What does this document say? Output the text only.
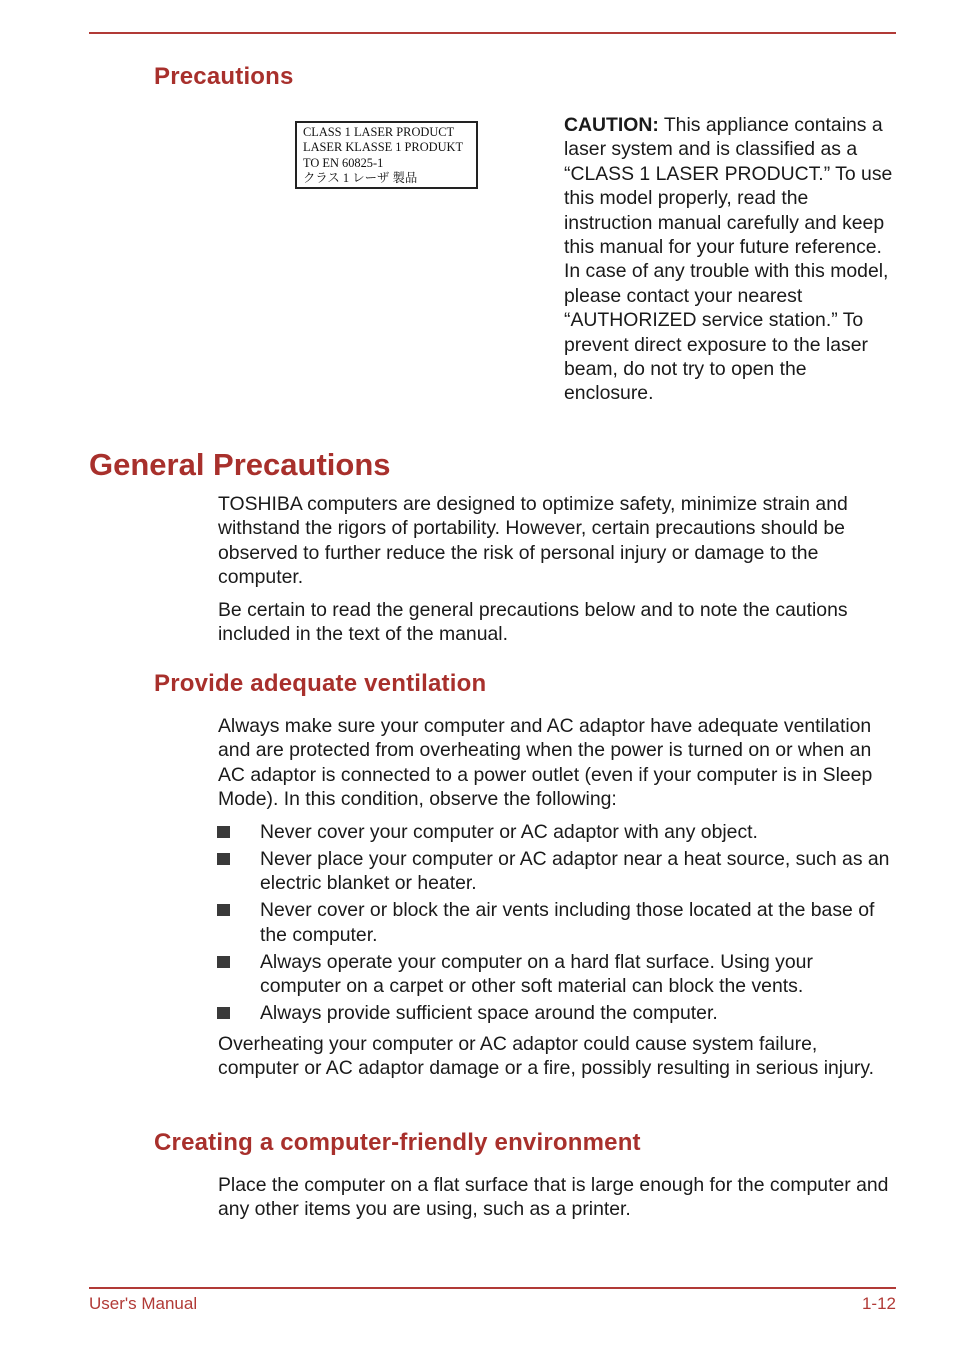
Precautions
CLASS 1 LASER PRODUCT
LASER KLASSE 1 PRODUKT
TO EN 60825-1
クラス 1 レーザ 製品

CAUTION: This appliance contains a laser system and is classified as a “CLASS 1 LASER PRODUCT.” To use this model properly, read the instruction manual carefully and keep this manual for your future reference. In case of any trouble with this model, please contact your nearest “AUTHORIZED service station.” To prevent direct exposure to the laser beam, do not try to open the enclosure.

General Precautions

TOSHIBA computers are designed to optimize safety, minimize strain and withstand the rigors of portability. However, certain precautions should be observed to further reduce the risk of personal injury or damage to the computer.

Be certain to read the general precautions below and to note the cautions included in the text of the manual.

Provide adequate ventilation

Always make sure your computer and AC adaptor have adequate ventilation and are protected from overheating when the power is turned on or when an AC adaptor is connected to a power outlet (even if your computer is in Sleep Mode). In this condition, observe the following:

Never cover your computer or AC adaptor with any object.
Never place your computer or AC adaptor near a heat source, such as an electric blanket or heater.
Never cover or block the air vents including those located at the base of the computer.
Always operate your computer on a hard flat surface. Using your computer on a carpet or other soft material can block the vents.
Always provide sufficient space around the computer.

Overheating your computer or AC adaptor could cause system failure, computer or AC adaptor damage or a fire, possibly resulting in serious injury.

Creating a computer-friendly environment

Place the computer on a flat surface that is large enough for the computer and any other items you are using, such as a printer.

User's Manual	1-12
